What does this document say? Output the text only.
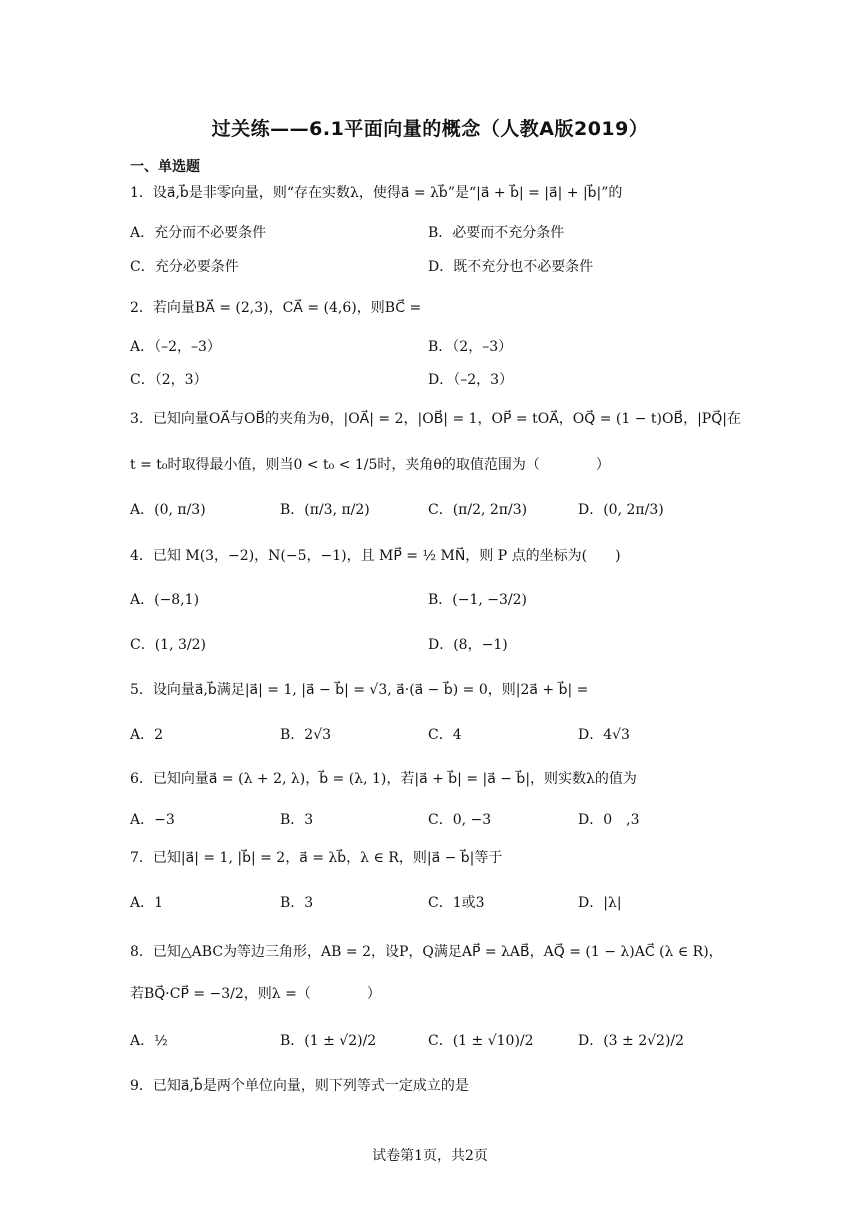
过关练——6.1平面向量的概念（人教A版2019）
一、单选题
1．设a⃗,b⃗是非零向量，则“存在实数λ，使得a⃗ = λb⃗”是“|a⃗ + b⃗| = |a⃗| + |b⃗|”的
A．充分而不必要条件	B．必要而不充分条件
C．充分必要条件	D．既不充分也不必要条件
2．若向量BA⃗ = (2,3)，CA⃗ = (4,6)，则BC⃗ =
A．（–2，–3）	B．（2，–3）
C．（2，3）	D．（–2，3）
3．已知向量OA⃗与OB⃗的夹角为θ，|OA⃗| = 2，|OB⃗| = 1，OP⃗ = tOA⃗，OQ⃗ = (1 − t)OB⃗，|PQ⃗|在
t = t₀时取得最小值，则当0 < t₀ < 1/5时，夹角θ的取值范围为（　　　　）
A．(0, π/3)	B．(π/3, π/2)	C．(π/2, 2π/3)	D．(0, 2π/3)
4．已知 M(3，−2)，N(−5，−1)，且 MP⃗ = ½ MN⃗，则 P 点的坐标为(　　)
A．(−8,1)	B．(−1, −3/2)
C．(1, 3/2)	D．(8，−1)
5．设向量a⃗,b⃗满足|a⃗| = 1, |a⃗ − b⃗| = √3, a⃗·(a⃗ − b⃗) = 0，则|2a⃗ + b⃗| =
A．2	B．2√3	C．4	D．4√3
6．已知向量a⃗ = (λ + 2, λ)，b⃗ = (λ, 1)，若|a⃗ + b⃗| = |a⃗ − b⃗|，则实数λ的值为
A．−3	B．3	C．0, −3	D．0　,3
7．已知|a⃗| = 1, |b⃗| = 2，a⃗ = λb⃗，λ ∈ R，则|a⃗ − b⃗|等于
A．1	B．3	C．1或3	D．|λ|
8．已知△ABC为等边三角形，AB = 2，设P，Q满足AP⃗ = λAB⃗，AQ⃗ = (1 − λ)AC⃗ (λ ∈ R)，
若BQ⃗·CP⃗ = −3/2，则λ =（　　　　）
A．½	B．(1 ± √2)/2	C．(1 ± √10)/2	D．(3 ± 2√2)/2
9．已知a⃗,b⃗是两个单位向量，则下列等式一定成立的是
试卷第1页，共2页
